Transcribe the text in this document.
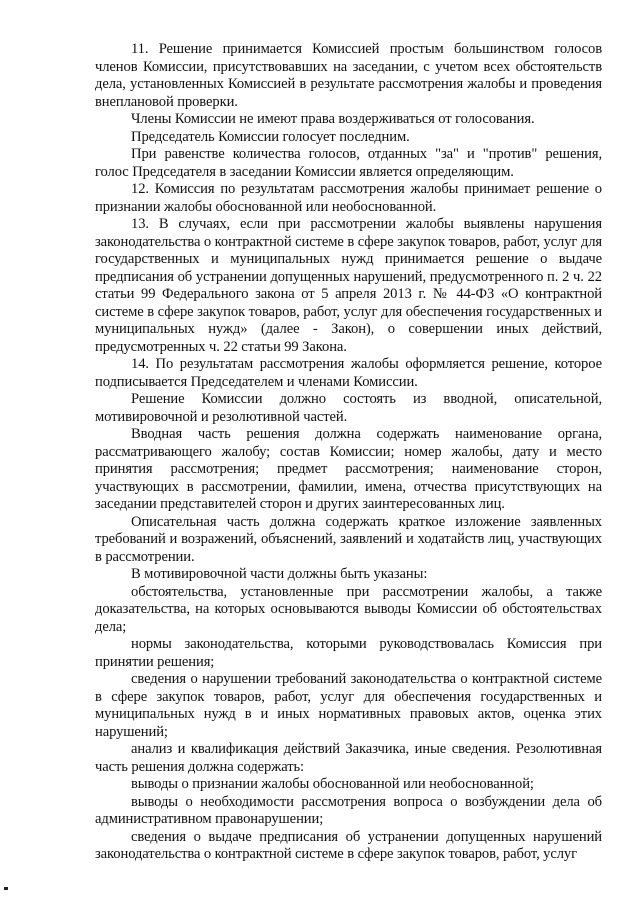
11. Решение принимается Комиссией простым большинством голосов членов Комиссии, присутствовавших на заседании, с учетом всех обстоятельств дела, установленных Комиссией в результате рассмотрения жалобы и проведения внеплановой проверки.

Члены Комиссии не имеют права воздерживаться от голосования.

Председатель Комиссии голосует последним.

При равенстве количества голосов, отданных "за" и "против" решения, голос Председателя в заседании Комиссии является определяющим.

12. Комиссия по результатам рассмотрения жалобы принимает решение о признании жалобы обоснованной или необоснованной.

13. В случаях, если при рассмотрении жалобы выявлены нарушения законодательства о контрактной системе в сфере закупок товаров, работ, услуг для государственных и муниципальных нужд принимается решение о выдаче предписания об устранении допущенных нарушений, предусмотренного п. 2 ч. 22 статьи 99 Федерального закона от 5 апреля 2013 г. № 44-ФЗ «О контрактной системе в сфере закупок товаров, работ, услуг для обеспечения государственных и муниципальных нужд» (далее - Закон), о совершении иных действий, предусмотренных ч. 22 статьи 99 Закона.

14. По результатам рассмотрения жалобы оформляется решение, которое подписывается Председателем и членами Комиссии.

Решение Комиссии должно состоять из вводной, описательной, мотивировочной и резолютивной частей.

Вводная часть решения должна содержать наименование органа, рассматривающего жалобу; состав Комиссии; номер жалобы, дату и место принятия рассмотрения; предмет рассмотрения; наименование сторон, участвующих в рассмотрении, фамилии, имена, отчества присутствующих на заседании представителей сторон и других заинтересованных лиц.

Описательная часть должна содержать краткое изложение заявленных требований и возражений, объяснений, заявлений и ходатайств лиц, участвующих в рассмотрении.

В мотивировочной части должны быть указаны:

обстоятельства, установленные при рассмотрении жалобы, а также доказательства, на которых основываются выводы Комиссии об обстоятельствах дела;

нормы законодательства, которыми руководствовалась Комиссия при принятии решения;

сведения о нарушении требований законодательства о контрактной системе в сфере закупок товаров, работ, услуг для обеспечения государственных и муниципальных нужд в и иных нормативных правовых актов, оценка этих нарушений;

анализ и квалификация действий Заказчика, иные сведения. Резолютивная часть решения должна содержать:

выводы о признании жалобы обоснованной или необоснованной;

выводы о необходимости рассмотрения вопроса о возбуждении дела об административном правонарушении;

сведения о выдаче предписания об устранении допущенных нарушений законодательства о контрактной системе в сфере закупок товаров, работ, услуг
